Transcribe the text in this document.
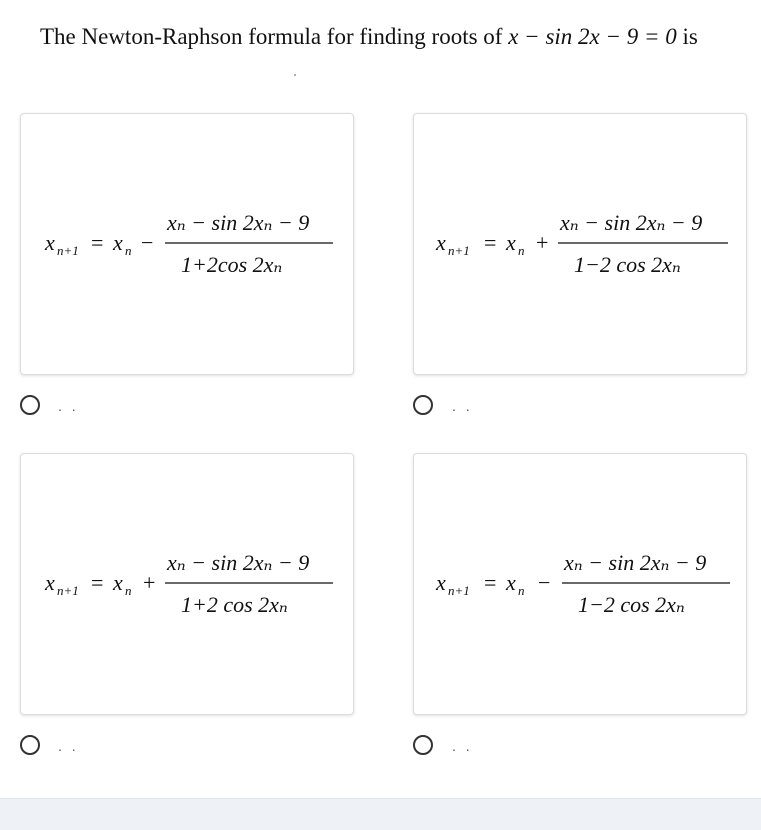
The Newton-Raphson formula for finding roots of x − sin 2x − 9 = 0 is
x n+1 = x n −
xₙ − sin 2xₙ − 9
1+2cos 2xₙ
. .
x n+1 = x n +
xₙ − sin 2xₙ − 9
1−2 cos 2xₙ
. .
x n+1 = x n +
xₙ − sin 2xₙ − 9
1+2 cos 2xₙ
. .
x n+1 = x n −
xₙ − sin 2xₙ − 9
1−2 cos 2xₙ
. .
